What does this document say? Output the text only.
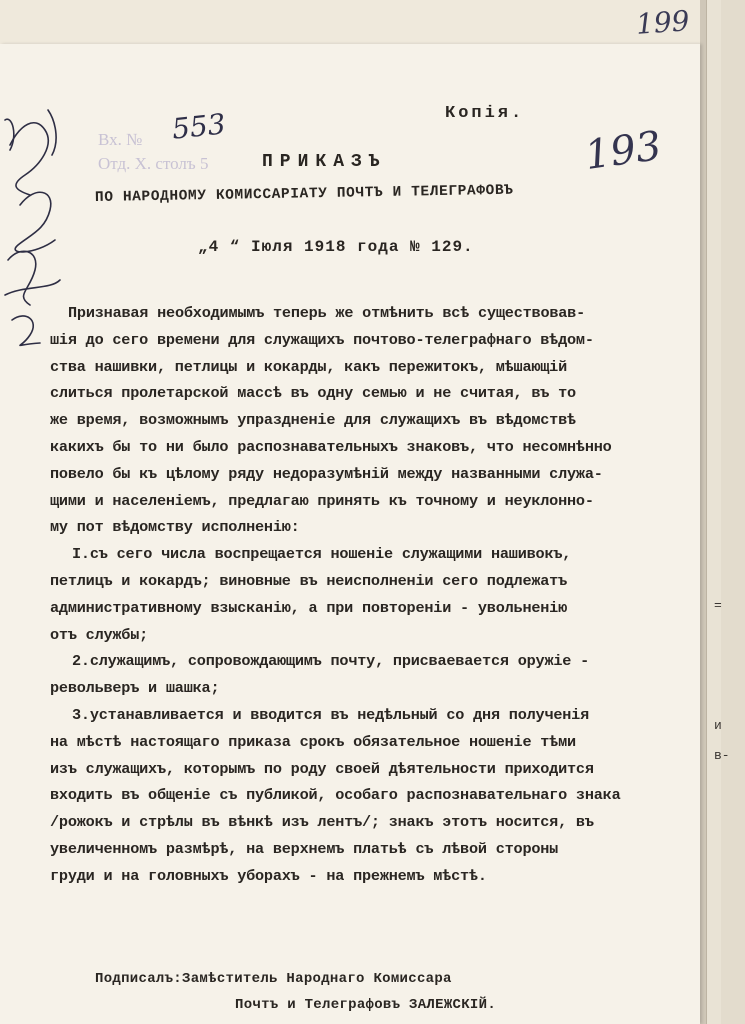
199
Вх. №
Отд. Х. столъ 5
553	193
Копія.
ПРИКАЗЪ
ПО НАРОДНОМУ КОМИССАРІАТУ ПОЧТЪ И ТЕЛЕГРАФОВЪ
„4 “ Іюля 1918 года № 129.
Признавая необходимымъ теперь же отмѣнить всѣ существовав-
шія до сего времени для служащихъ почтово-телеграфнаго вѣдом-
ства нашивки, петлицы и кокарды, какъ пережитокъ, мѣшающій
слиться пролетарской массѣ въ одну семью и не считая, въ то
же время, возможнымъ упраздненіе для служащихъ въ вѣдомствѣ
какихъ бы то ни было распознавательныхъ знаковъ, что несомнѣнно
повело бы къ цѣлому ряду недоразумѣній между названными служа-
щими и населеніемъ, предлагаю принять къ точному и неуклонно-
му пот вѣдомству исполненію:
I.съ сего числа воспрещается ношеніе служащими нашивокъ,
петлицъ и кокардъ; виновные въ неисполненіи сего подлежатъ
административному взысканію, а при повтореніи - увольненію
отъ службы;
2.служащимъ, сопровождающимъ почту, присваевается оружіе -
револьверъ и шашка;
3.устанавливается и вводится въ недѣльный со дня полученія
на мѣстѣ настоящаго приказа срокъ обязательное ношеніе тѣми
изъ служащихъ, которымъ по роду своей дѣятельности приходится
входить въ общеніе съ публикой, особаго распознавательнаго знака
/рожокъ и стрѣлы въ вѣнкѣ изъ лентъ/; знакъ этотъ носится, въ
увеличенномъ размѣрѣ, на верхнемъ платьѣ съ лѣвой стороны
груди и на головныхъ уборахъ - на прежнемъ мѣстѣ.
Подписалъ:Замѣститель Народнаго Комиссара
Почтъ и Телеграфовъ ЗАЛЕЖСКІЙ.
=
и
в-
